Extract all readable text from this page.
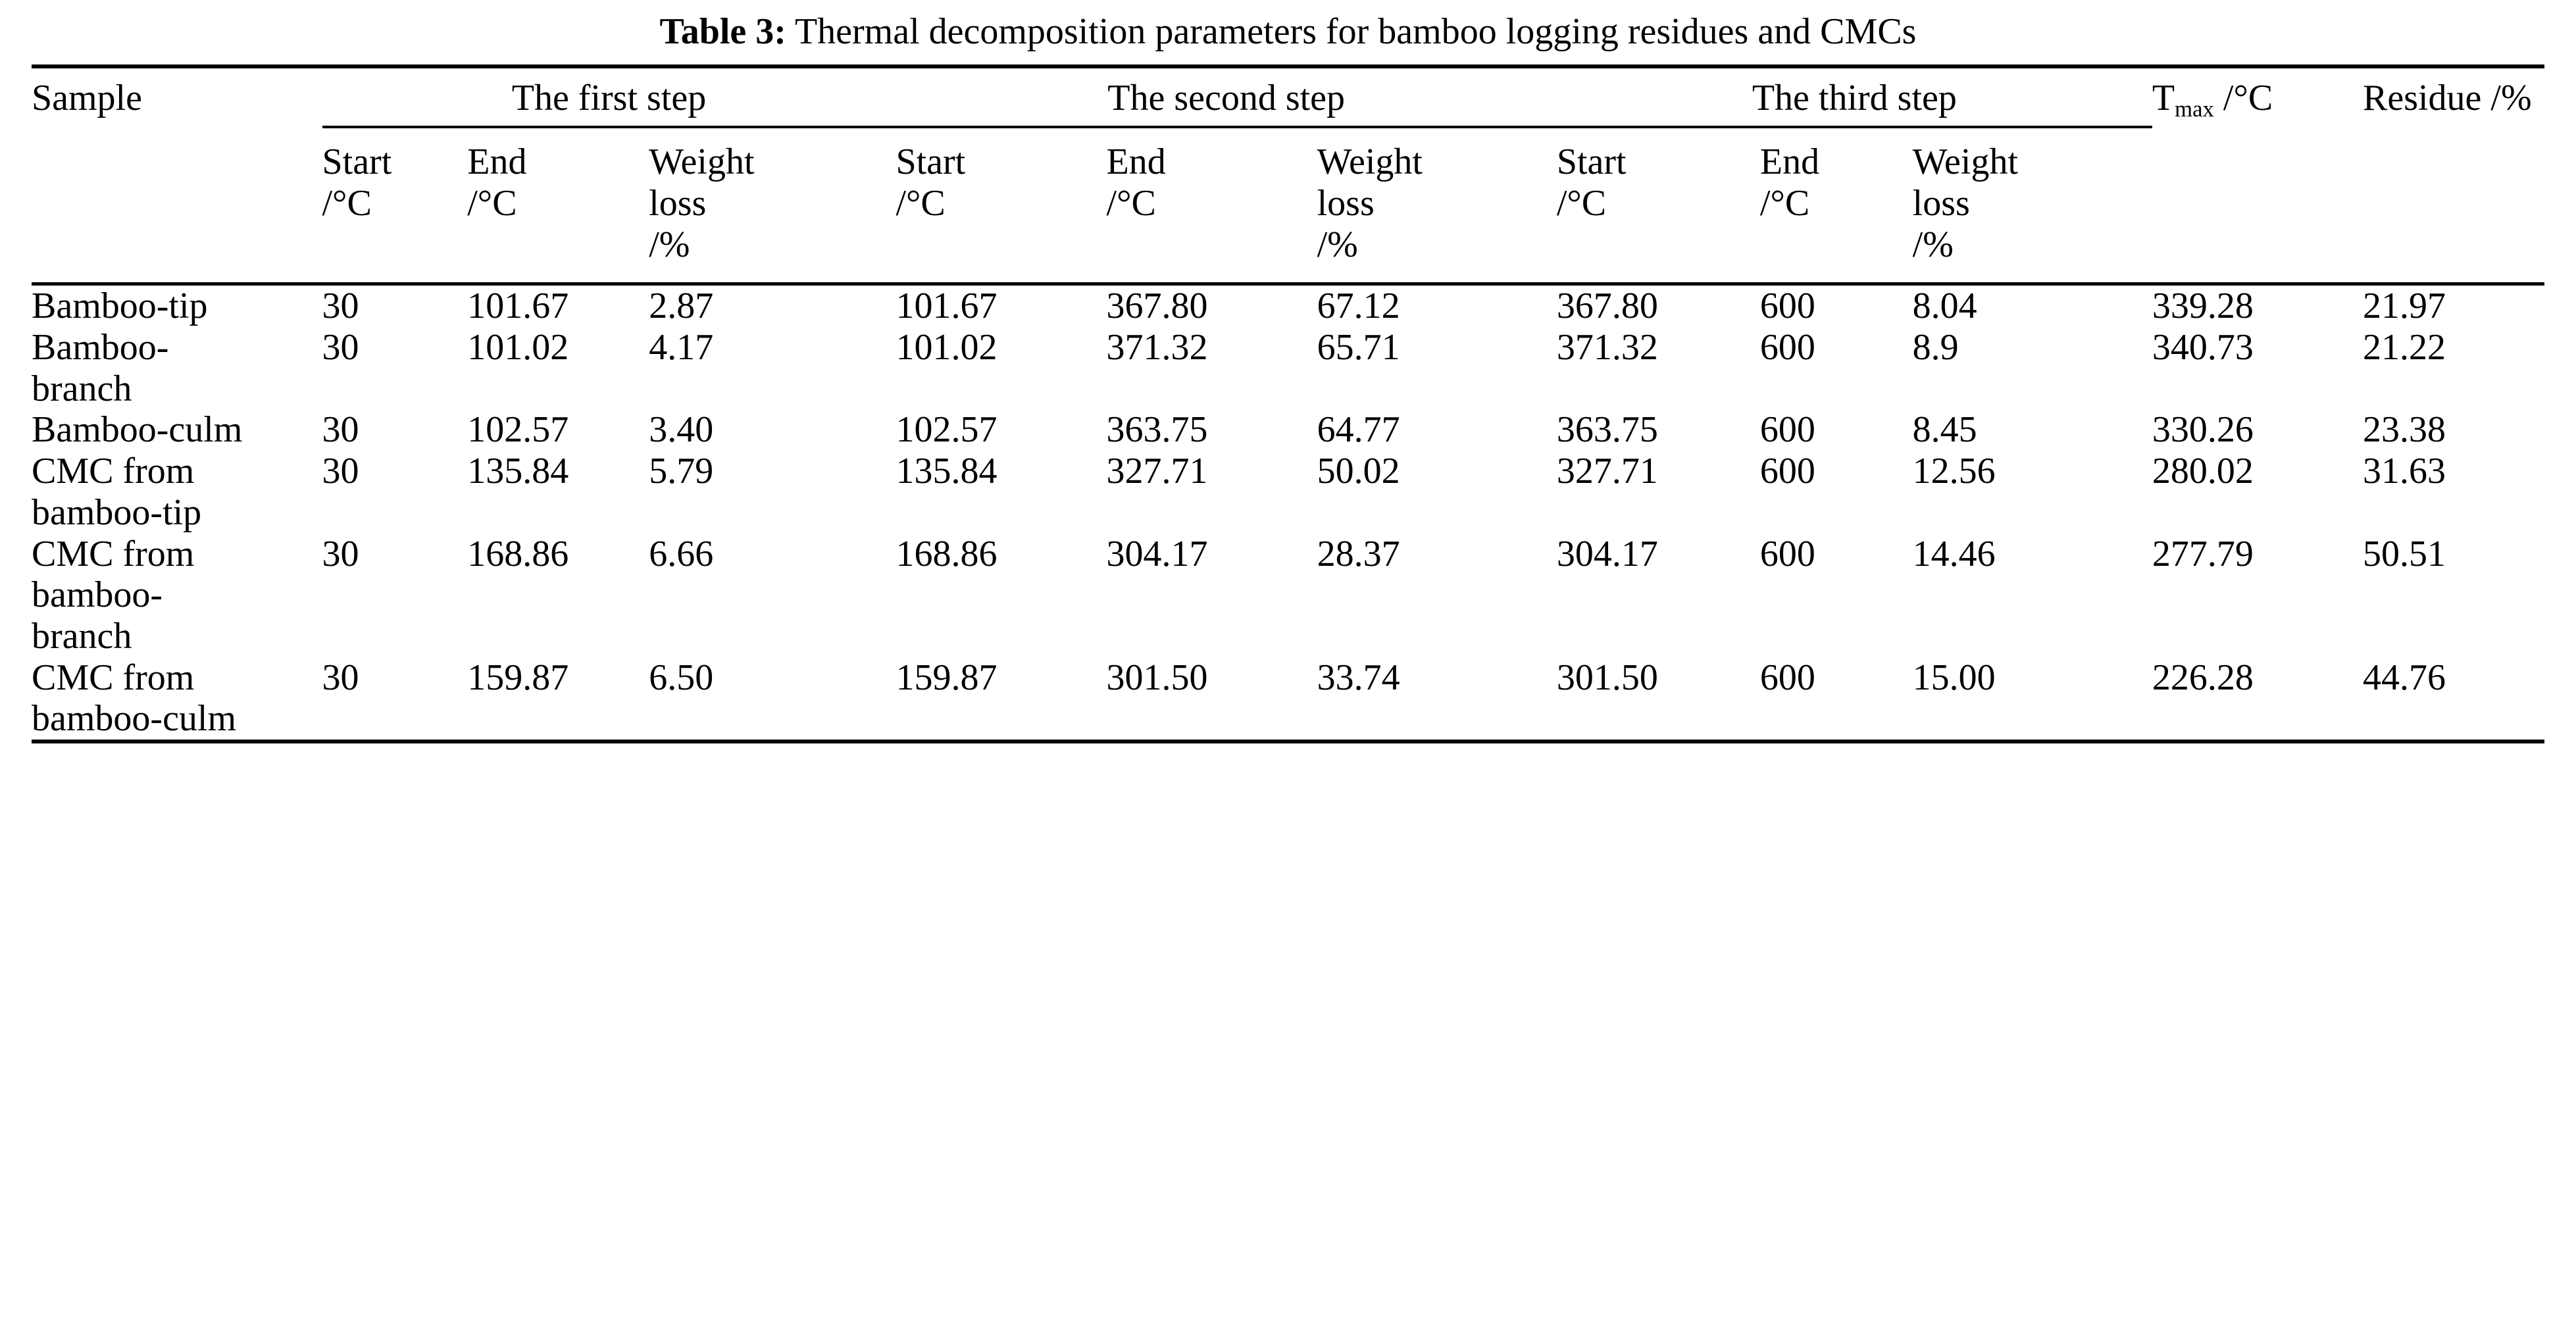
Table 3: Thermal decomposition parameters for bamboo logging residues and CMCs
Sample	The first step			The second step			The third step			$T_{max}$ /°C	Residue /%

	Start
/°C	End
/°C	Weight
loss
/%	Start
/°C	End
/°C	Weight
loss
/%	Start
/°C	End
/°C	Weight
loss
/%		

Bamboo-tip	30	101.67	2.87	101.67	367.80	67.12	367.80	600	8.04	339.28	21.97

Bamboo-
branch	30	101.02	4.17	101.02	371.32	65.71	371.32	600	8.9	340.73	21.22

Bamboo-culm	30	102.57	3.40	102.57	363.75	64.77	363.75	600	8.45	330.26	23.38

CMC from
bamboo-tip	30	135.84	5.79	135.84	327.71	50.02	327.71	600	12.56	280.02	31.63

CMC from
bamboo-
branch	30	168.86	6.66	168.86	304.17	28.37	304.17	600	14.46	277.79	50.51

CMC from
bamboo-culm	30	159.87	6.50	159.87	301.50	33.74	301.50	600	15.00	226.28	44.76
